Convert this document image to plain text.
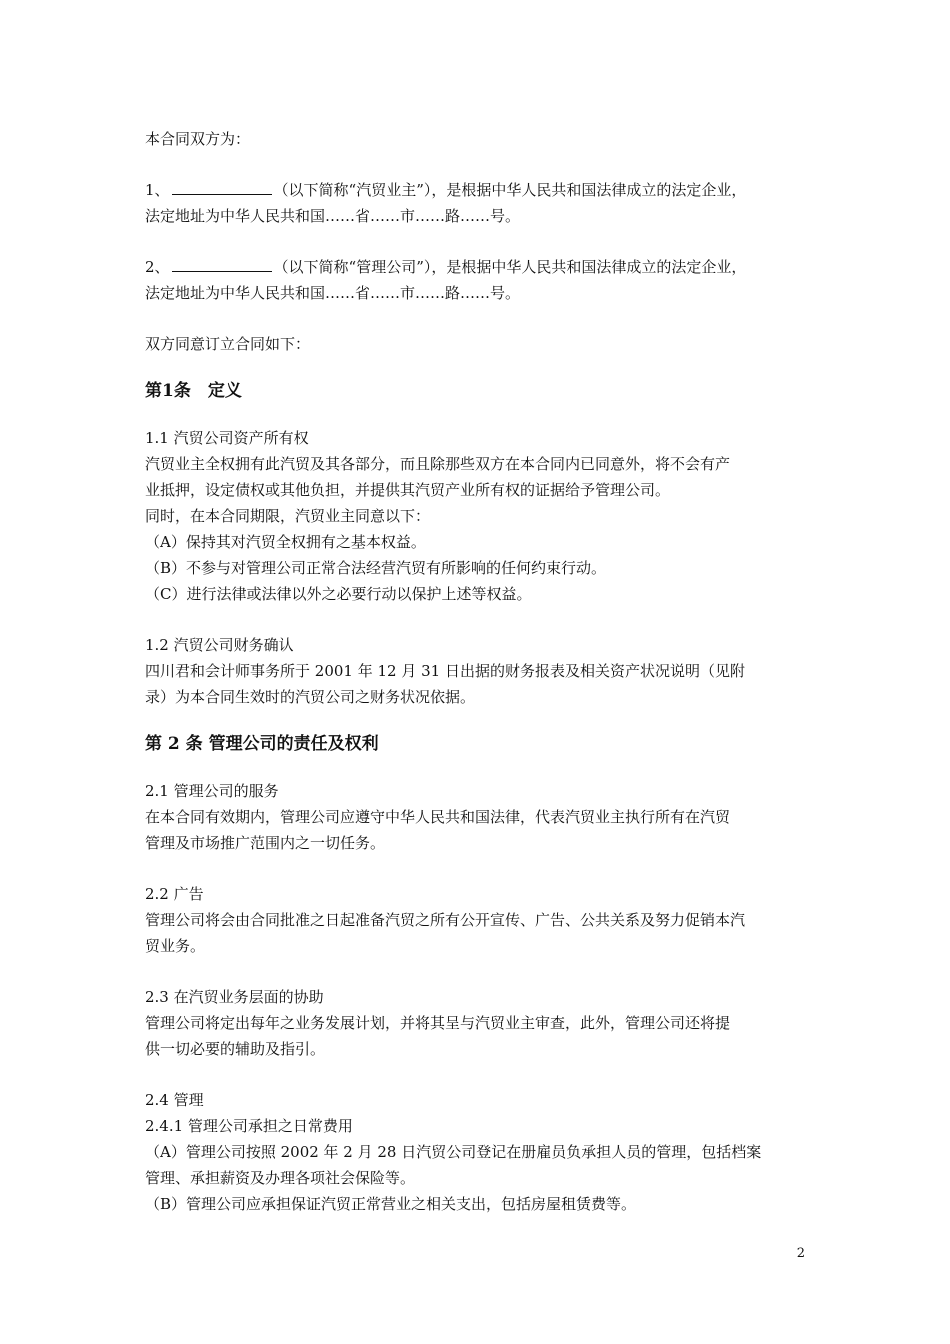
本合同双方为：

1、	（以下简称“汽贸业主”），是根据中华人民共和国法律成立的法定企业，

法定地址为中华人民共和国……省……市……路……号。

2、	（以下简称“管理公司”），是根据中华人民共和国法律成立的法定企业，

法定地址为中华人民共和国……省……市……路……号。

双方同意订立合同如下：

第1条　定义

1.1 汽贸公司资产所有权

汽贸业主全权拥有此汽贸及其各部分，而且除那些双方在本合同内已同意外，将不会有产

业抵押，设定债权或其他负担，并提供其汽贸产业所有权的证据给予管理公司。

同时，在本合同期限，汽贸业主同意以下：

（A）保持其对汽贸全权拥有之基本权益。

（B）不参与对管理公司正常合法经营汽贸有所影响的任何约束行动。

（C）进行法律或法律以外之必要行动以保护上述等权益。

1.2 汽贸公司财务确认

四川君和会计师事务所于 2001 年 12 月 31 日出据的财务报表及相关资产状况说明（见附

录）为本合同生效时的汽贸公司之财务状况依据。

第 2 条 管理公司的责任及权利

2.1 管理公司的服务

在本合同有效期内，管理公司应遵守中华人民共和国法律，代表汽贸业主执行所有在汽贸

管理及市场推广范围内之一切任务。

2.2 广告

管理公司将会由合同批准之日起准备汽贸之所有公开宣传、广告、公共关系及努力促销本汽

贸业务。

2.3 在汽贸业务层面的协助

管理公司将定出每年之业务发展计划，并将其呈与汽贸业主审查，此外，管理公司还将提

供一切必要的辅助及指引。

2.4 管理

2.4.1 管理公司承担之日常费用

（A）管理公司按照 2002 年 2 月 28 日汽贸公司登记在册雇员负承担人员的管理，包括档案

管理、承担薪资及办理各项社会保险等。

（B）管理公司应承担保证汽贸正常营业之相关支出，包括房屋租赁费等。

2
